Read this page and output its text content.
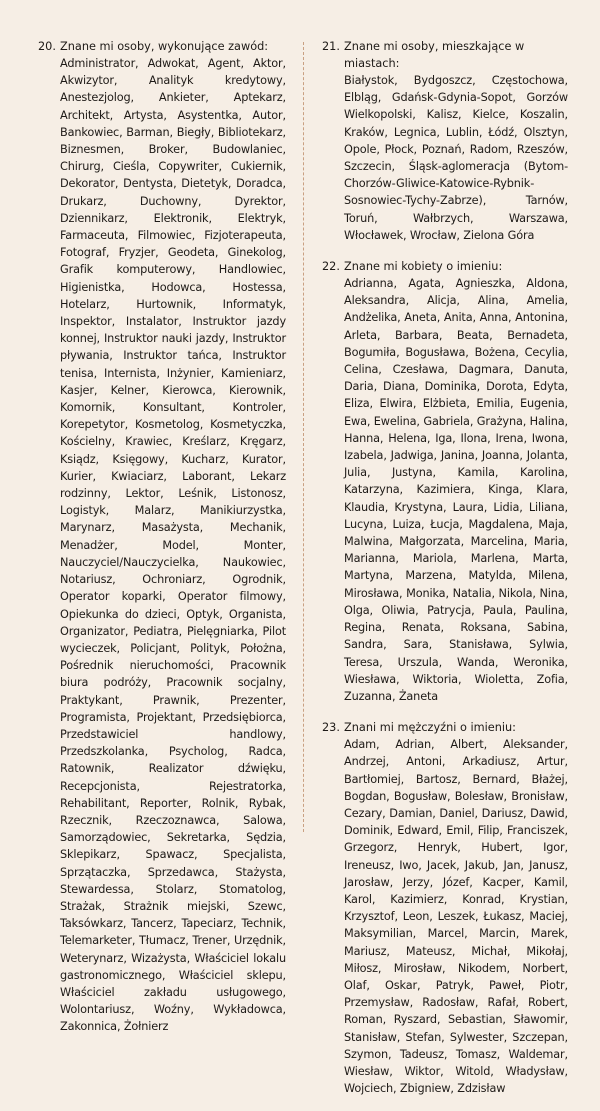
20. Znane mi osoby, wykonujące zawód:
Administrator, Adwokat, Agent, Aktor, Akwizytor, Analityk kredytowy, Anestezjolog, Ankieter, Aptekarz, Architekt, Artysta, Asystentka, Autor, Bankowiec, Barman, Biegły, Bibliotekarz, Biznesmen, Broker, Budowlaniec, Chirurg, Cieśla, Copywriter, Cukiernik, Dekorator, Dentysta, Dietetyk, Doradca, Drukarz, Duchowny, Dyrektor, Dziennikarz, Elektronik, Elektryk, Farmaceuta, Filmowiec, Fizjoterapeuta, Fotograf, Fryzjer, Geodeta, Ginekolog, Grafik komputerowy, Handlowiec, Higienistka, Hodowca, Hostessa, Hotelarz, Hurtownik, Informatyk, Inspektor, Instalator, Instruktor jazdy konnej, Instruktor nauki jazdy, Instruktor pływania, Instruktor tańca, Instruktor tenisa, Internista, Inżynier, Kamieniarz, Kasjer, Kelner, Kierowca, Kierownik, Komornik, Konsultant, Kontroler, Korepetytor, Kosmetolog, Kosmetyczka, Kościelny, Krawiec, Kreślarz, Kręgarz, Ksiądz, Księgowy, Kucharz, Kurator, Kurier, Kwiaciarz, Laborant, Lekarz rodzinny, Lektor, Leśnik, Listonosz, Logistyk, Malarz, Manikiurzystka, Marynarz, Masażysta, Mechanik, Menadżer, Model, Monter, Nauczyciel/Nauczycielka, Naukowiec, Notariusz, Ochroniarz, Ogrodnik, Operator koparki, Operator filmowy, Opiekunka do dzieci, Optyk, Organista, Organizator, Pediatra, Pielęgniarka, Pilot wycieczek, Policjant, Polityk, Położna, Pośrednik nieruchomości, Pracownik biura podróży, Pracownik socjalny, Praktykant, Prawnik, Prezenter, Programista, Projektant, Przedsiębiorca, Przedstawiciel handlowy, Przedszkolanka, Psycholog, Radca, Ratownik, Realizator dźwięku, Recepcjonista, Rejestratorka, Rehabilitant, Reporter, Rolnik, Rybak, Rzecznik, Rzeczoznawca, Salowa, Samorządowiec, Sekretarka, Sędzia, Sklepikarz, Spawacz, Specjalista, Sprzątaczka, Sprzedawca, Stażysta, Stewardessa, Stolarz, Stomatolog, Strażak, Strażnik miejski, Szewc, Taksówkarz, Tancerz, Tapeciarz, Technik, Telemarketer, Tłumacz, Trener, Urzędnik, Weterynarz, Wizażysta, Właściciel lokalu gastronomicznego, Właściciel sklepu, Właściciel zakładu usługowego, Wolontariusz, Woźny, Wykładowca, Zakonnica, Żołnierz
21. Znane mi osoby, mieszkające w miastach:
Białystok, Bydgoszcz, Częstochowa, Elbląg, Gdańsk-Gdynia-Sopot, Gorzów Wielkopolski, Kalisz, Kielce, Koszalin, Kraków, Legnica, Lublin, Łódź, Olsztyn, Opole, Płock, Poznań, Radom, Rzeszów, Szczecin, Śląsk-aglomeracja (Bytom-Chorzów-Gliwice-Katowice-Rybnik-Sosnowiec-Tychy-Zabrze), Tarnów, Toruń, Wałbrzych, Warszawa, Włocławek, Wrocław, Zielona Góra
22. Znane mi kobiety o imieniu:
Adrianna, Agata, Agnieszka, Aldona, Aleksandra, Alicja, Alina, Amelia, Andżelika, Aneta, Anita, Anna, Antonina, Arleta, Barbara, Beata, Bernadeta, Bogumiła, Bogusława, Bożena, Cecylia, Celina, Czesława, Dagmara, Danuta, Daria, Diana, Dominika, Dorota, Edyta, Eliza, Elwira, Elżbieta, Emilia, Eugenia, Ewa, Ewelina, Gabriela, Grażyna, Halina, Hanna, Helena, Iga, Ilona, Irena, Iwona, Izabela, Jadwiga, Janina, Joanna, Jolanta, Julia, Justyna, Kamila, Karolina, Katarzyna, Kazimiera, Kinga, Klara, Klaudia, Krystyna, Laura, Lidia, Liliana, Lucyna, Luiza, Łucja, Magdalena, Maja, Malwina, Małgorzata, Marcelina, Maria, Marianna, Mariola, Marlena, Marta, Martyna, Marzena, Matylda, Milena, Mirosława, Monika, Natalia, Nikola, Nina, Olga, Oliwia, Patrycja, Paula, Paulina, Regina, Renata, Roksana, Sabina, Sandra, Sara, Stanisława, Sylwia, Teresa, Urszula, Wanda, Weronika, Wiesława, Wiktoria, Wioletta, Zofia, Zuzanna, Żaneta
23. Znani mi mężczyźni o imieniu:
Adam, Adrian, Albert, Aleksander, Andrzej, Antoni, Arkadiusz, Artur, Bartłomiej, Bartosz, Bernard, Błażej, Bogdan, Bogusław, Bolesław, Bronisław, Cezary, Damian, Daniel, Dariusz, Dawid, Dominik, Edward, Emil, Filip, Franciszek, Grzegorz, Henryk, Hubert, Igor, Ireneusz, Iwo, Jacek, Jakub, Jan, Janusz, Jarosław, Jerzy, Józef, Kacper, Kamil, Karol, Kazimierz, Konrad, Krystian, Krzysztof, Leon, Leszek, Łukasz, Maciej, Maksymilian, Marcel, Marcin, Marek, Mariusz, Mateusz, Michał, Mikołaj, Miłosz, Mirosław, Nikodem, Norbert, Olaf, Oskar, Patryk, Paweł, Piotr, Przemysław, Radosław, Rafał, Robert, Roman, Ryszard, Sebastian, Sławomir, Stanisław, Stefan, Sylwester, Szczepan, Szymon, Tadeusz, Tomasz, Waldemar, Wiesław, Wiktor, Witold, Władysław, Wojciech, Zbigniew, Zdzisław
